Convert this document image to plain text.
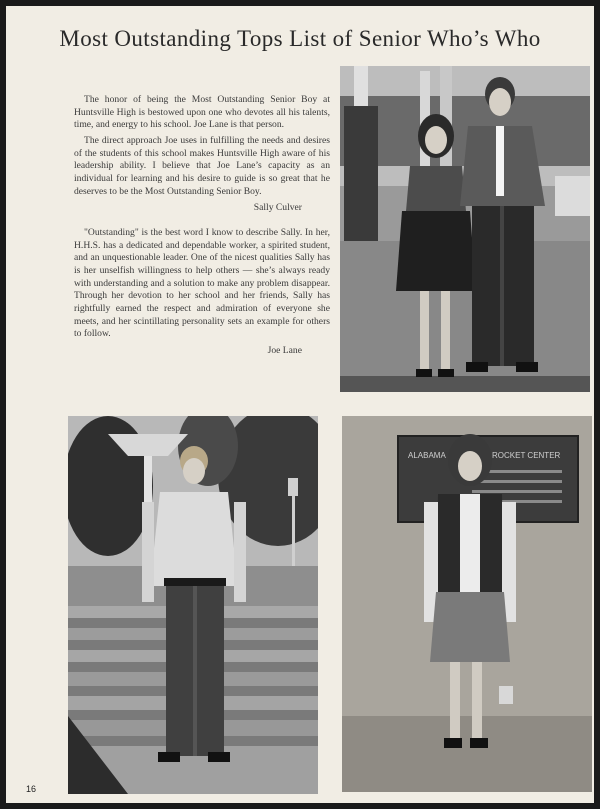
Most Outstanding Tops List of Senior Who’s Who

The honor of being the Most Outstanding Senior Boy at Huntsville High is bestowed upon one who devotes all his talents, time, and energy to his school. Joe Lane is that person.

The direct approach Joe uses in fulfilling the needs and desires of the students of this school makes Huntsville High aware of his leadership ability. I believe that Joe Lane’s capacity as an individual for learning and his desire to guide is so great that he deserves to be the Most Outstanding Senior Boy.

Sally Culver

"Outstanding" is the best word I know to describe Sally. In her, H.H.S. has a dedicated and dependable worker, a spirited student, and an unquestionable leader. One of the nicest qualities Sally has is her unselfish willingness to help others — she’s always ready with understanding and a solution to make any problem disappear. Through her devotion to her school and her friends, Sally has rightfully earned the respect and admiration of everyone she meets, and her scintillating personality sets an example for others to follow.

Joe Lane
ALABAMA	ROCKET CENTER
16
